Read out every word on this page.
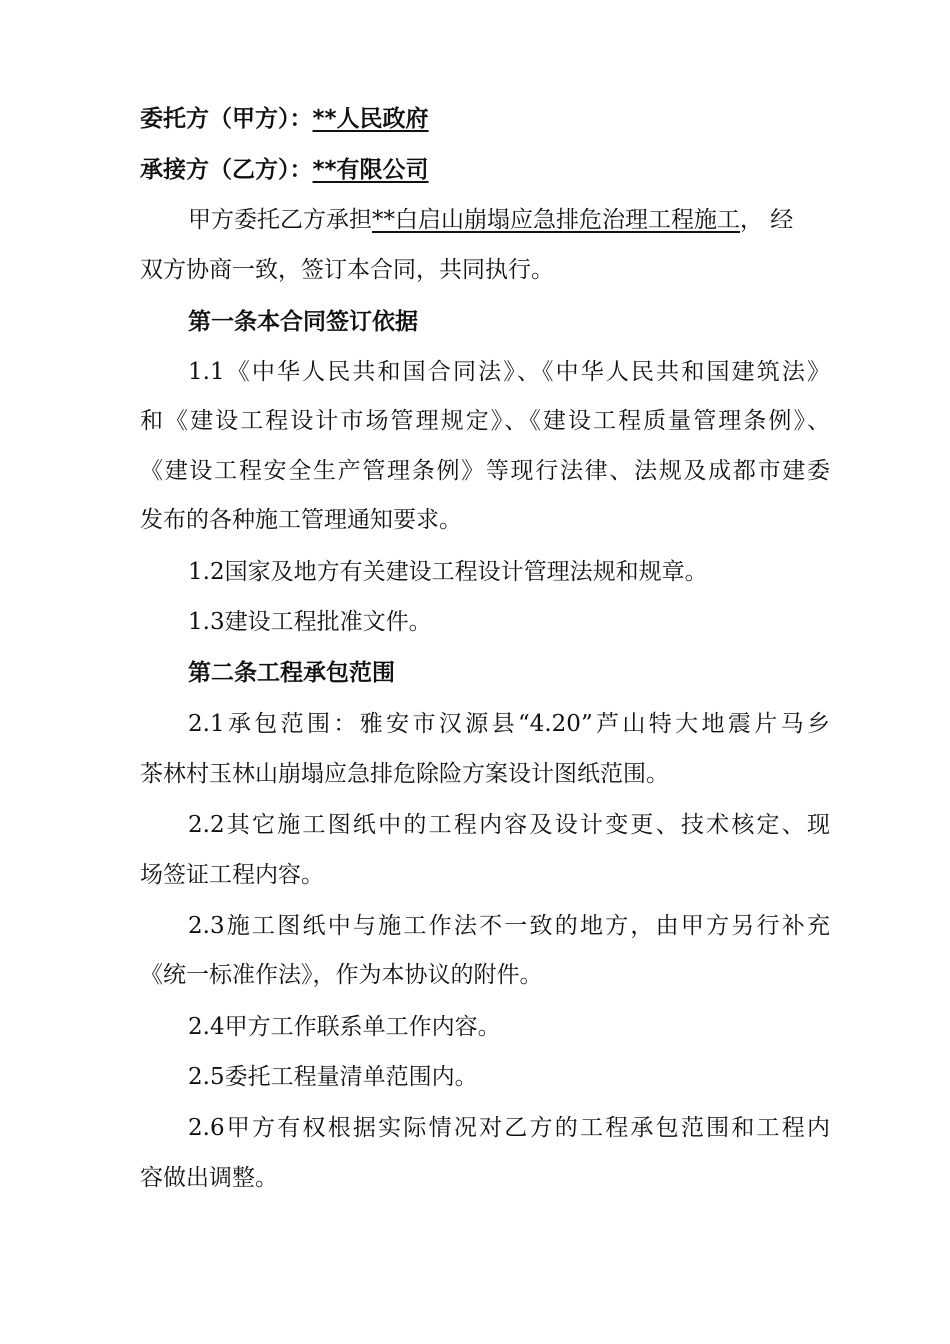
委托方（甲方）：**人民政府
承接方（乙方）：**有限公司
甲方委托乙方承担**白启山崩塌应急排危治理工程施工， 经
双方协商一致，签订本合同，共同执行。
第一条本合同签订依据
1.1《中华人民共和国合同法》、《中华人民共和国建筑法》
和《建设工程设计市场管理规定》、《建设工程质量管理条例》、
《建设工程安全生产管理条例》等现行法律、法规及成都市建委
发布的各种施工管理通知要求。
1.2国家及地方有关建设工程设计管理法规和规章。
1.3建设工程批准文件。
第二条工程承包范围
2.1承包范围：雅安市汉源县“4.20”芦山特大地震片马乡
茶林村玉林山崩塌应急排危除险方案设计图纸范围。
2.2其它施工图纸中的工程内容及设计变更、技术核定、现
场签证工程内容。
2.3施工图纸中与施工作法不一致的地方，由甲方另行补充
《统一标准作法》，作为本协议的附件。
2.4甲方工作联系单工作内容。
2.5委托工程量清单范围内。
2.6甲方有权根据实际情况对乙方的工程承包范围和工程内
容做出调整。
